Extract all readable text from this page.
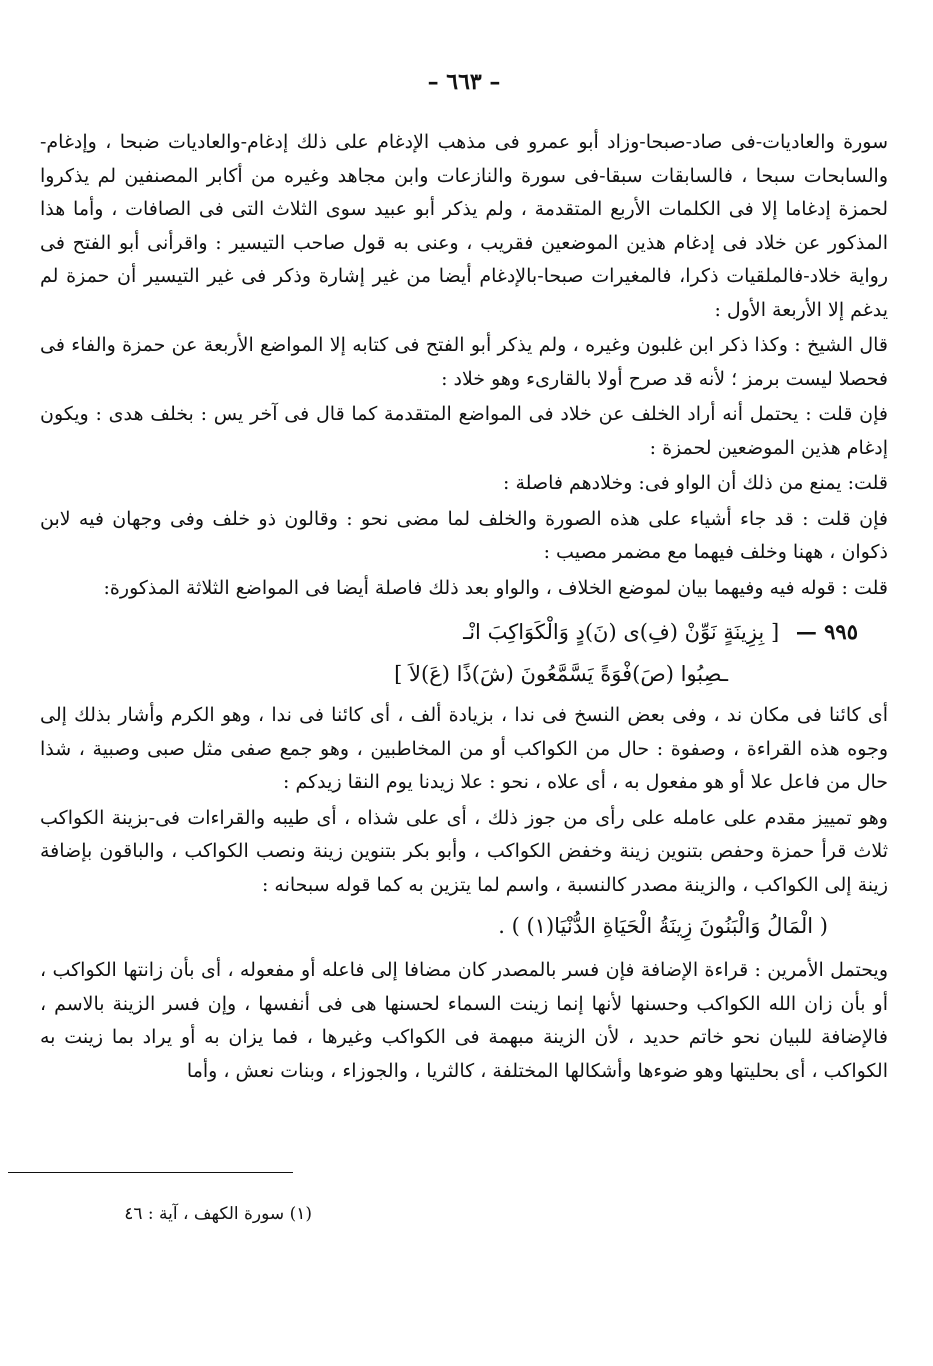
– ٦٦٣ –
سورة والعاديات-فى صاد-صبحا-وزاد أبو عمرو فى مذهب الإدغام على ذلك إدغام-والعاديات ضبحا ، وإدغام-والسابحات سبحا ، فالسابقات سبقا-فى سورة والنازعات وابن مجاهد وغيره من أكابر المصنفين لم يذكروا لحمزة إدغاما إلا فى الكلمات الأربع المتقدمة ، ولم يذكر أبو عبيد سوى الثلاث التى فى الصافات ، وأما هذا المذكور عن خلاد فى إدغام هذين الموضعين فقريب ، وعنى به قول صاحب التيسير : واقرأنى أبو الفتح فى رواية خلاد-فالملقيات ذكرا، فالمغيرات صبحا-بالإدغام أيضا من غير إشارة وذكر فى غير التيسير أن حمزة لم يدغم إلا الأربعة الأول :
قال الشيخ : وكذا ذكر ابن غلبون وغيره ، ولم يذكر أبو الفتح فى كتابه إلا المواضع الأربعة عن حمزة والفاء فى فحصلا ليست برمز ؛ لأنه قد صرح أولا بالقارىء وهو خلاد :
فإن قلت : يحتمل أنه أراد الخلف عن خلاد فى المواضع المتقدمة كما قال فى آخر يس : بخلف هدى : ويكون إدغام هذين الموضعين لحمزة :
قلت: يمنع من ذلك أن الواو فى: وخلادهم فاصلة :
فإن قلت : قد جاء أشياء على هذه الصورة والخلف لما مضى نحو : وقالون ذو خلف وفى وجهان فيه لابن ذكوان ، ههنا وخلف فيهما مع مضمر مصيب :
قلت : قوله فيه وفيهما بيان لموضع الخلاف ، والواو بعد ذلك فاصلة أيضا فى المواضع الثلاثة المذكورة:
٩٩٥ — [ بِزِينَةٍ نَوِّنْ (فِ)ى (نَ)دٍ وَالْكَوَاكِبَ انْـ
ـصِبُوا (صَ)فْوَةً يَسَّمَّعُونَ (شَ)ذًا (عَ)لاَ ]
أى كائنا فى مكان ند ، وفى بعض النسخ فى ندا ، بزيادة ألف ، أى كائنا فى ندا ، وهو الكرم وأشار بذلك إلى وجوه هذه القراءة ، وصفوة : حال من الكواكب أو من المخاطبين ، وهو جمع صفى مثل صبى وصبية ، شذا حال من فاعل علا أو هو مفعول به ، أى علاه ، نحو : علا زيدنا يوم النقا زيدكم :
وهو تمييز مقدم على عامله على رأى من جوز ذلك ، أى على شذاه ، أى طيبه والقراءات فى-بزينة الكواكب ثلاث قرأ حمزة وحفص بتنوين زينة وخفض الكواكب ، وأبو بكر بتنوين زينة ونصب الكواكب ، والباقون بإضافة زينة إلى الكواكب ، والزينة مصدر كالنسبة ، واسم لما يتزين به كما قوله سبحانه :
( الْمَالُ وَالْبَنُونَ زِينَةُ الْحَيَاةِ الدُّنْيَا(١) ) .
ويحتمل الأمرين : قراءة الإضافة فإن فسر بالمصدر كان مضافا إلى فاعله أو مفعوله ، أى بأن زانتها الكواكب ، أو بأن زان الله الكواكب وحسنها لأنها إنما زينت السماء لحسنها هى فى أنفسها ، وإن فسر الزينة بالاسم ، فالإضافة للبيان نحو خاتم حديد ، لأن الزينة مبهمة فى الكواكب وغيرها ، فما يزان به أو يراد بما زينت به الكواكب ، أى بحليتها وهو ضوءها وأشكالها المختلفة ، كالثريا ، والجوزاء ، وبنات نعش ، وأما
(١) سورة الكهف ، آية : ٤٦
